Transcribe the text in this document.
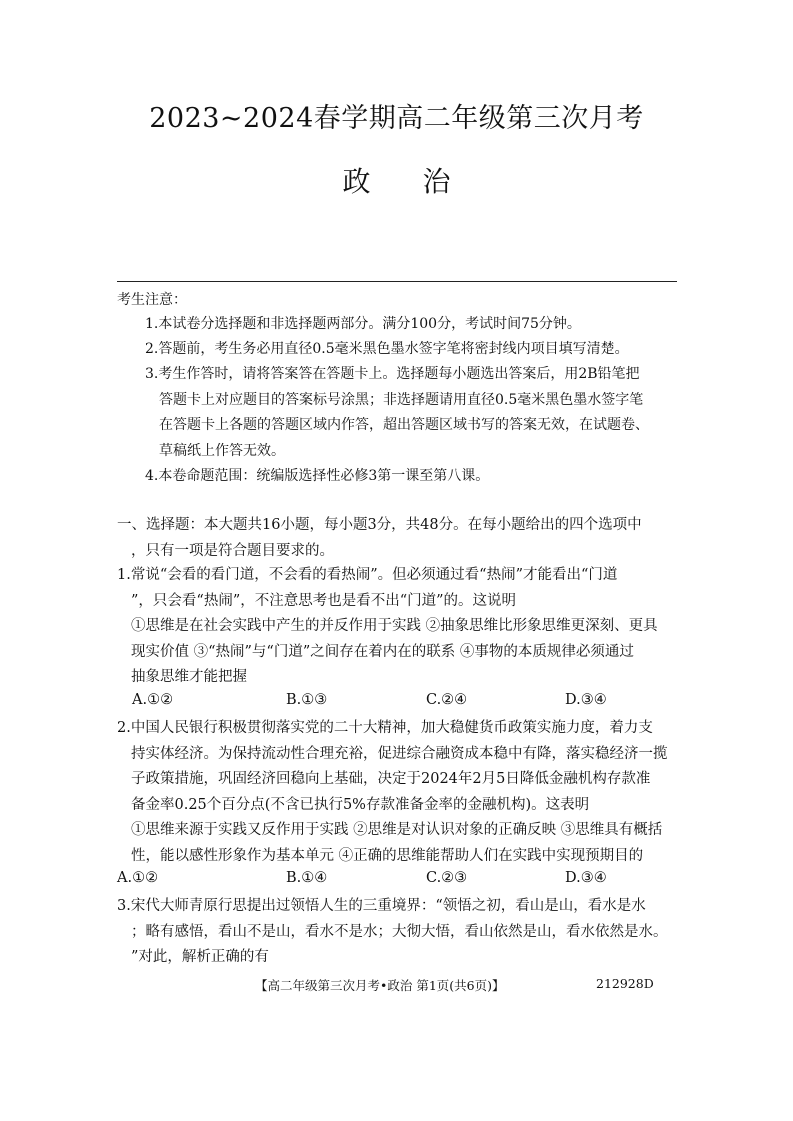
2023~2024春学期高二年级第三次月考
政 治
考生注意：
1.本试卷分选择题和非选择题两部分。满分100分，考试时间75分钟。
2.答题前，考生务必用直径0.5毫米黑色墨水签字笔将密封线内项目填写清楚。
3.考生作答时，请将答案答在答题卡上。选择题每小题选出答案后，用2B铅笔把
答题卡上对应题目的答案标号涂黑；非选择题请用直径0.5毫米黑色墨水签字笔
在答题卡上各题的答题区域内作答，超出答题区域书写的答案无效，在试题卷、
草稿纸上作答无效。
4.本卷命题范围：统编版选择性必修3第一课至第八课。
一、选择题：本大题共16小题，每小题3分，共48分。在每小题给出的四个选项中
，只有一项是符合题目要求的。
1.常说“会看的看门道，不会看的看热闹”。但必须通过看“热闹”才能看出“门道
”，只会看“热闹”，不注意思考也是看不出“门道”的。这说明
①思维是在社会实践中产生的并反作用于实践 ②抽象思维比形象思维更深刻、更具
现实价值 ③“热闹”与“门道”之间存在着内在的联系 ④事物的本质规律必须通过
抽象思维才能把握
A.①②	B.①③	C.②④	D.③④
2.中国人民银行积极贯彻落实党的二十大精神，加大稳健货币政策实施力度，着力支
持实体经济。为保持流动性合理充裕，促进综合融资成本稳中有降，落实稳经济一揽
子政策措施，巩固经济回稳向上基础，决定于2024年2月5日降低金融机构存款准
备金率0.25个百分点(不含已执行5%存款准备金率的金融机构)。这表明
①思维来源于实践又反作用于实践 ②思维是对认识对象的正确反映 ③思维具有概括
性，能以感性形象作为基本单元 ④正确的思维能帮助人们在实践中实现预期目的
A.①②	B.①④	C.②③	D.③④
3.宋代大师青原行思提出过领悟人生的三重境界：“领悟之初，看山是山，看水是水
；略有感悟，看山不是山，看水不是水；大彻大悟，看山依然是山，看水依然是水。
”对此，解析正确的有
【高二年级第三次月考•政治 第1页(共6页)】	212928D
